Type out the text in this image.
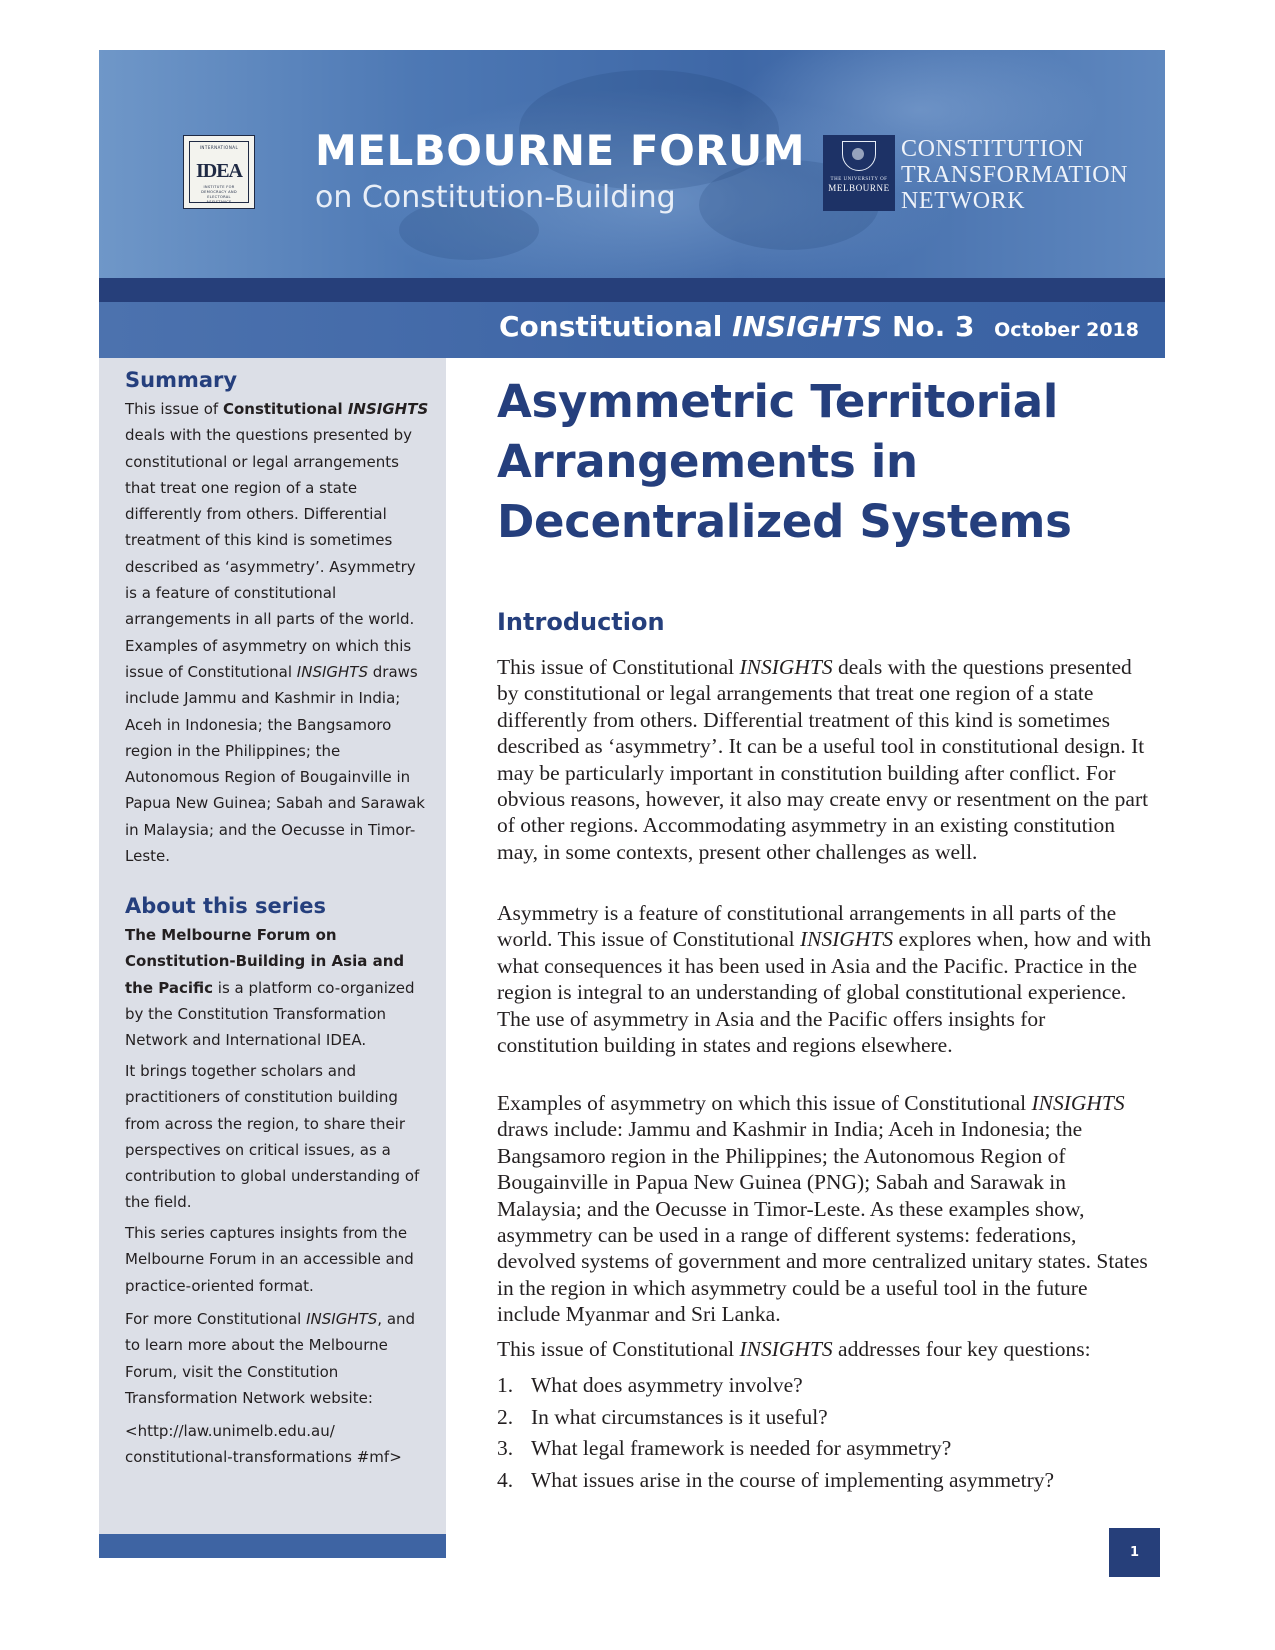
INTERNATIONAL
IDEA
INSTITUTE FOR
DEMOCRACY AND
ELECTORAL
ASSISTANCE
MELBOURNE FORUM

on Constitution-Building

THE UNIVERSITY OF
MELBOURNE

CONSTITUTION
TRANSFORMATION
NETWORK

Constitutional INSIGHTS No. 3 October 2018

Summary

This issue of Constitutional INSIGHTS deals with the questions presented by constitutional or legal arrangements that treat one region of a state differently from others. Differential treatment of this kind is sometimes described as ‘asymmetry’. Asymmetry is a feature of constitutional arrangements in all parts of the world. Examples of asymmetry on which this issue of Constitutional INSIGHTS draws include Jammu and Kashmir in India; Aceh in Indonesia; the Bangsamoro region in the Philippines; the Autonomous Region of Bougainville in Papua New Guinea; Sabah and Sarawak in Malaysia; and the Oecusse in Timor-Leste.

About this series

The Melbourne Forum on Constitution-Building in Asia and the Pacific is a platform co-organized by the Constitution Transformation Network and International IDEA.

It brings together scholars and practitioners of constitution building from across the region, to share their perspectives on critical issues, as a contribution to global understanding of the field.

This series captures insights from the Melbourne Forum in an accessible and practice-oriented format.

For more Constitutional INSIGHTS, and to learn more about the Melbourne Forum, visit the Constitution Transformation Network website:

<http://law.unimelb.edu.au/
constitutional-transformations #mf>

Asymmetric Territorial Arrangements in Decentralized Systems
Introduction

This issue of Constitutional INSIGHTS deals with the questions presented by constitutional or legal arrangements that treat one region of a state differently from others. Differential treatment of this kind is sometimes described as ‘asymmetry’. It can be a useful tool in constitutional design. It may be particularly important in constitution building after conflict. For obvious reasons, however, it also may create envy or resentment on the part of other regions. Accommodating asymmetry in an existing constitution may, in some contexts, present other challenges as well.

Asymmetry is a feature of constitutional arrangements in all parts of the world. This issue of Constitutional INSIGHTS explores when, how and with what consequences it has been used in Asia and the Pacific. Practice in the region is integral to an understanding of global constitutional experience. The use of asymmetry in Asia and the Pacific offers insights for constitution building in states and regions elsewhere.

Examples of asymmetry on which this issue of Constitutional INSIGHTS draws include: Jammu and Kashmir in India; Aceh in Indonesia; the Bangsamoro region in the Philippines; the Autonomous Region of Bougainville in Papua New Guinea (PNG); Sabah and Sarawak in Malaysia; and the Oecusse in Timor-Leste. As these examples show, asymmetry can be used in a range of different systems: federations, devolved systems of government and more centralized unitary states. States in the region in which asymmetry could be a useful tool in the future include Myanmar and Sri Lanka.

This issue of Constitutional INSIGHTS addresses four key questions:

1. What does asymmetry involve?
2. In what circumstances is it useful?
3. What legal framework is needed for asymmetry?
4. What issues arise in the course of implementing asymmetry?

1
